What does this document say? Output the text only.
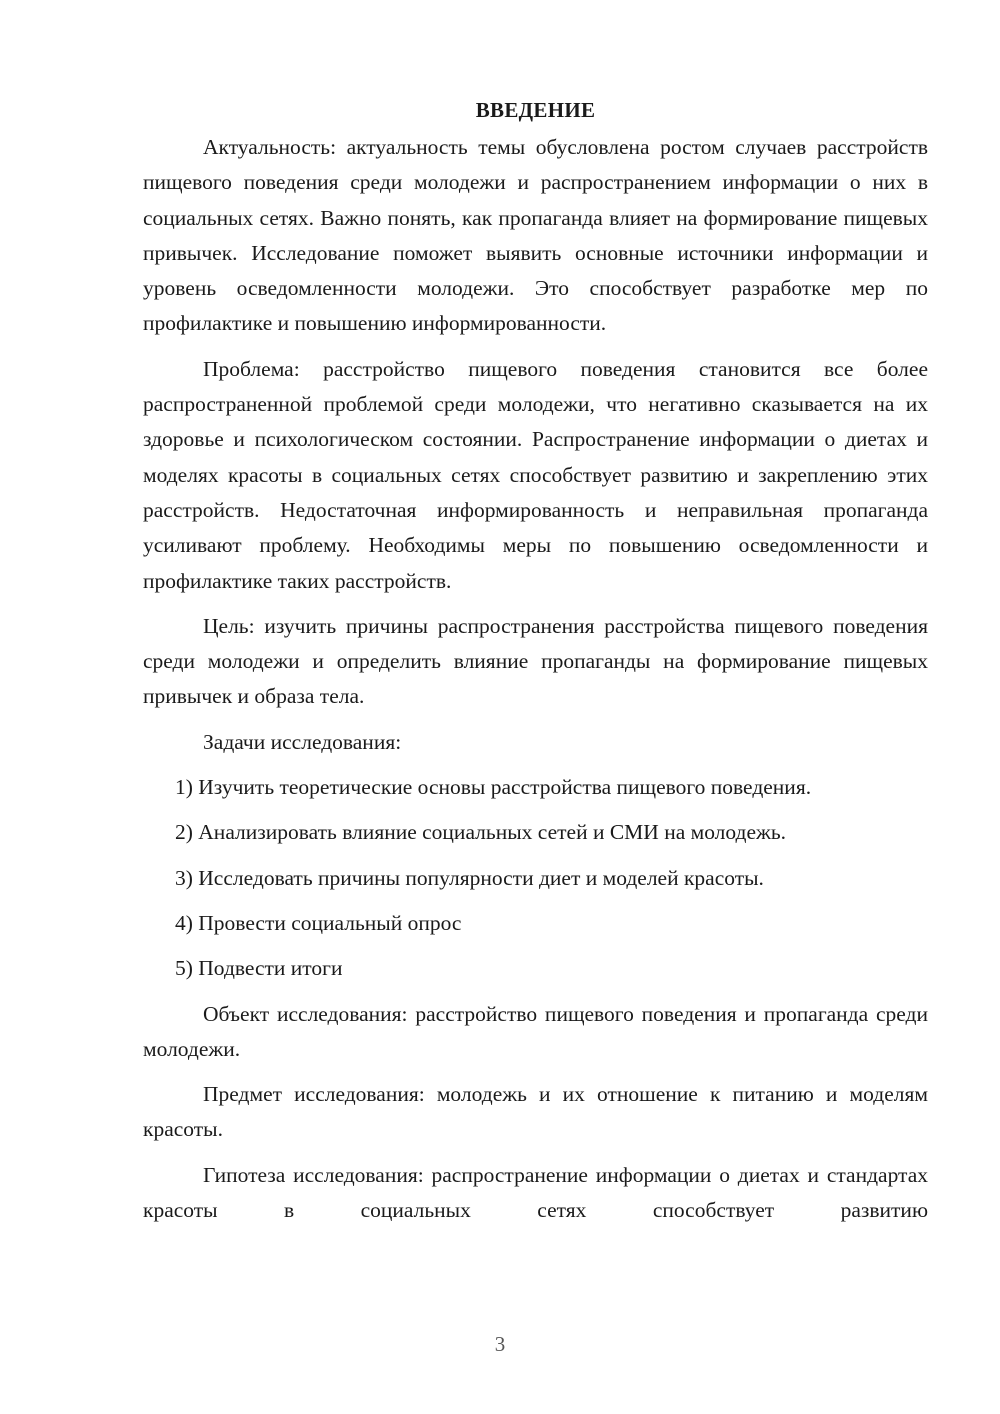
ВВЕДЕНИЕ

Актуальность: актуальность темы обусловлена ростом случаев расстройств пищевого поведения среди молодежи и распространением информации о них в социальных сетях. Важно понять, как пропаганда влияет на формирование пищевых привычек. Исследование поможет выявить основные источники информации и уровень осведомленности молодежи. Это способствует разработке мер по профилактике и повышению информированности.

Проблема: расстройство пищевого поведения становится все более распространенной проблемой среди молодежи, что негативно сказывается на их здоровье и психологическом состоянии. Распространение информации о диетах и моделях красоты в социальных сетях способствует развитию и закреплению этих расстройств. Недостаточная информированность и неправильная пропаганда усиливают проблему. Необходимы меры по повышению осведомленности и профилактике таких расстройств.

Цель: изучить причины распространения расстройства пищевого поведения среди молодежи и определить влияние пропаганды на формирование пищевых привычек и образа тела.

Задачи исследования:

1) Изучить теоретические основы расстройства пищевого поведения.

2) Анализировать влияние социальных сетей и СМИ на молодежь.

3) Исследовать причины популярности диет и моделей красоты.

4) Провести социальный опрос

5) Подвести итоги

Объект исследования: расстройство пищевого поведения и пропаганда среди молодежи.

Предмет исследования: молодежь и их отношение к питанию и моделям красоты.

Гипотеза исследования: распространение информации о диетах и стандартах красоты в социальных сетях способствует развитию

3
